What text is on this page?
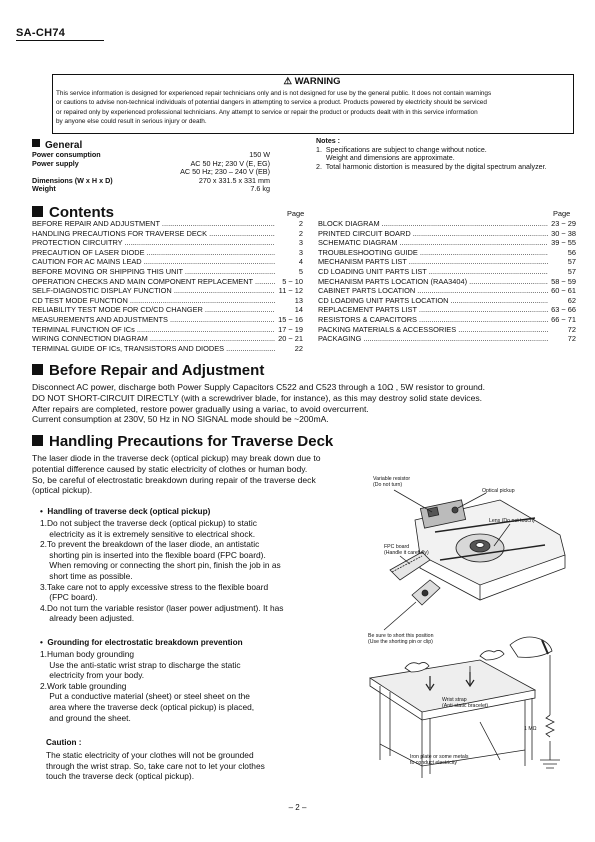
SA-CH74
⚠ WARNING
This service information is designed for experienced repair technicians only and is not designed for use by the general public. It does not contain warnings
or cautions to advise non-technical individuals of potential dangers in attempting to service a product. Products powered by electricity should be serviced
or repaired only by experienced professional technicians. Any attempt to service or repair the product or products dealt with in this service information
by anyone else could result in serious injury or death.
General
Power consumption	150 W
Power supply	AC 50 Hz; 230 V (E, EG)
AC 50 Hz; 230 – 240 V (EB)
Dimensions (W x H x D)	270 x 331.5 x 331 mm
Weight	7.6 kg
Notes :
1.  Specifications are subject to change without notice.
Weight and dimensions are approximate.
2.  Total harmonic distortion is measured by the digital spectrum analyzer.
Contents	Page	Page
BEFORE REPAIR AND ADJUSTMENT .....	2
HANDLING PRECAUTIONS FOR TRAVERSE DECK .....	2
PROTECTION CIRCUITRY .....	3
PRECAUTION OF LASER DIODE .....	3
CAUTION FOR AC MAINS LEAD .....	4
BEFORE MOVING OR SHIPPING THIS UNIT .....	5
OPERATION CHECKS AND MAIN COMPONENT REPLACEMENT .....	5 ~ 10
SELF-DIAGNOSTIC DISPLAY FUNCTION .....	11 ~ 12
CD TEST MODE FUNCTION .....	13
RELIABILITY TEST MODE FOR CD/CD CHANGER .....	14
MEASUREMENTS AND ADJUSTMENTS .....	15 ~ 16
TERMINAL FUNCTION OF ICs .....	17 ~ 19
WIRING CONNECTION DIAGRAM .....	20 ~ 21
TERMINAL GUIDE OF ICs, TRANSISTORS AND DIODES .....	22
BLOCK DIAGRAM .....	23 ~ 29
PRINTED CIRCUIT BOARD .....	30 ~ 38
SCHEMATIC DIAGRAM .....	39 ~ 55
TROUBLESHOOTING GUIDE .....	56
MECHANISM PARTS LIST .....	57
CD LOADING UNIT PARTS LIST .....	57
MECHANISM PARTS LOCATION (RAA3404) .....	58 ~ 59
CABINET PARTS LOCATION .....	60 ~ 61
CD LOADING UNIT PARTS LOCATION .....	62
REPLACEMENT PARTS LIST .....	63 ~ 66
RESISTORS & CAPACITORS .....	66 ~ 71
PACKING MATERIALS & ACCESSORIES .....	72
PACKAGING .....	72
Before Repair and Adjustment
Disconnect AC power, discharge both Power Supply Capacitors C522 and C523 through a 10Ω , 5W resistor to ground.
DO NOT SHORT-CIRCUIT DIRECTLY (with a screwdriver blade, for instance), as this may destroy solid state devices.
After repairs are completed, restore power gradually using a variac, to avoid overcurrent.
Current consumption at 230V, 50 Hz in NO SIGNAL mode should be ~200mA.
Handling Precautions for Traverse Deck
The laser diode in the traverse deck (optical pickup) may break down due to
potential difference caused by static electricity of clothes or human body.
So, be careful of electrostatic breakdown during repair of the traverse deck
(optical pickup).
•  Handling of traverse deck (optical pickup)
1.Do not subject the traverse deck (optical pickup) to static
electricity as it is extremely sensitive to electrical shock.
2.To prevent the breakdown of the laser diode, an antistatic
shorting pin is inserted into the flexible board (FPC board).
When removing or connecting the short pin, finish the job in as
short time as possible.
3.Take care not to apply excessive stress to the flexible board
(FPC board).
4.Do not turn the variable resistor (laser power adjustment). It has
already been adjusted.
•  Grounding for electrostatic breakdown prevention
1.Human body grounding
Use the anti-static wrist strap to discharge the static
electricity from your body.
2.Work table grounding
Put a conductive material (sheet) or steel sheet on the
area where the traverse deck (optical pickup) is placed,
and ground the sheet.
Caution :
The static electricity of your clothes will not be grounded
through the wrist strap. So, take care not to let your clothes
touch the traverse deck (optical pickup).
Variable resistor
(Do not turn)
Optical pickup
Lens (Do not touch)
FPC board
(Handle it carefully)
Be sure to short this position
(Use the shorting pin or clip)
Wrist strap
(Anti-static bracelet)
1 MΩ
Iron plate or some metals
to conduct electricity
– 2 –
